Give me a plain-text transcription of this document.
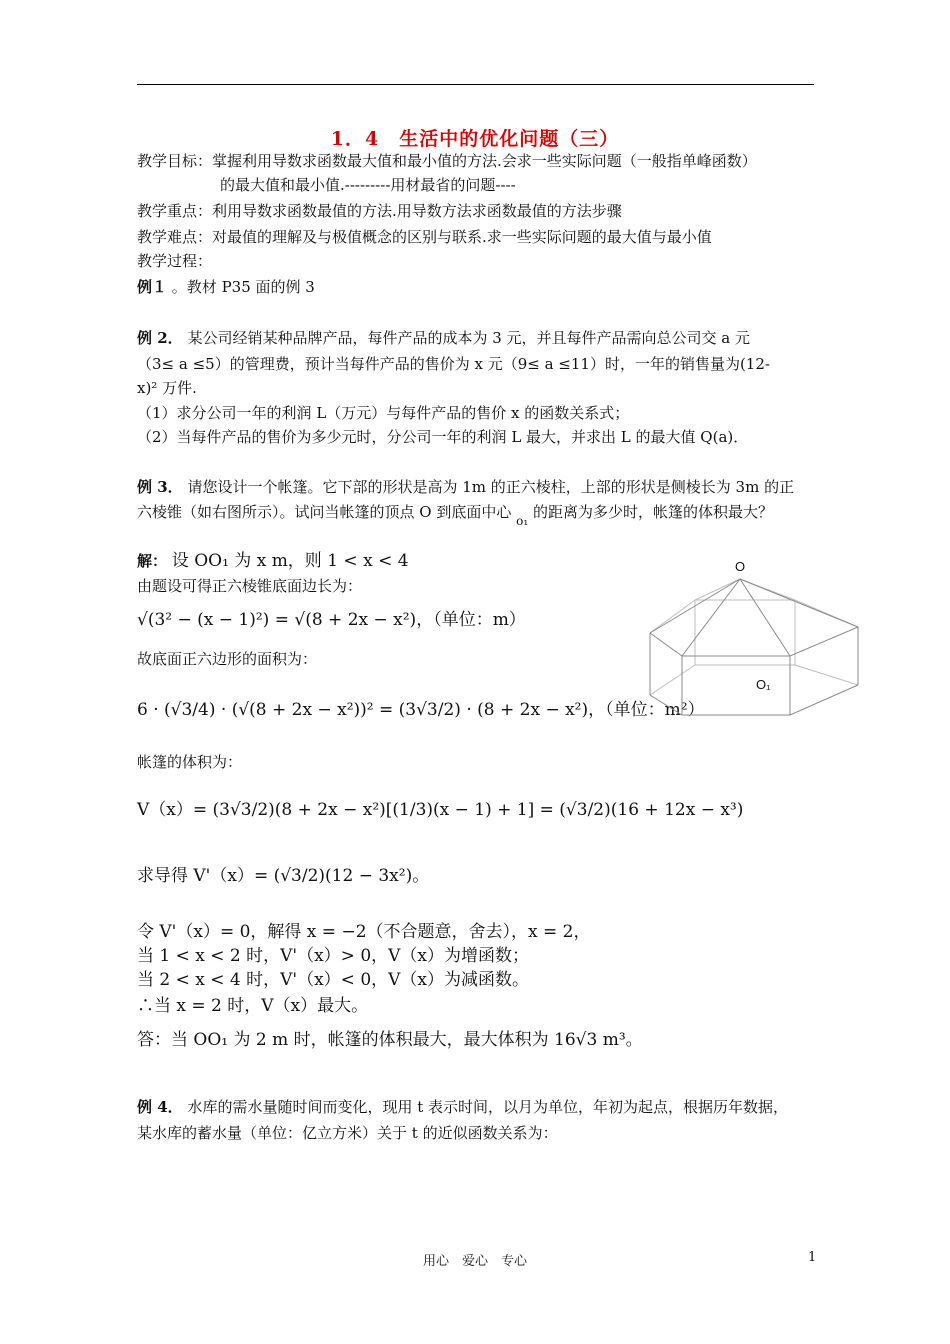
1．4　生活中的优化问题（三）
教学目标：掌握利用导数求函数最大值和最小值的方法.会求一些实际问题（一般指单峰函数）
的最大值和最小值.---------用材最省的问题----
教学重点：利用导数求函数最值的方法.用导数方法求函数最值的方法步骤
教学难点：对最值的理解及与极值概念的区别与联系.求一些实际问题的最大值与最小值
教学过程：
例１ 。教材 P35 面的例 3
例 2． 某公司经销某种品牌产品，每件产品的成本为 3 元，并且每件产品需向总公司交 a 元
（3≤ a ≤5）的管理费，预计当每件产品的售价为 x 元（9≤ a ≤11）时，一年的销售量为(12-
x)² 万件.
（1）求分公司一年的利润 L（万元）与每件产品的售价 x 的函数关系式；
（2）当每件产品的售价为多少元时，分公司一年的利润 L 最大，并求出 L 的最大值 Q(a)．
例 3． 请您设计一个帐篷。它下部的形状是高为 1m 的正六棱柱，上部的形状是侧棱长为 3m 的正
六棱锥（如右图所示）。试问当帐篷的顶点 O 到底面中心 $_{o_1}$ 的距离为多少时，帐篷的体积最大？
解： 设 OO₁ 为 x m，则 1 < x < 4
由题设可得正六棱锥底面边长为：
√(3² − (x − 1)²) = √(8 + 2x − x²)，（单位：m）
故底面正六边形的面积为：
6 · (√3/4) · (√(8 + 2x − x²))² = (3√3/2) · (8 + 2x − x²)，（单位：m²）
帐篷的体积为：
V（x）= (3√3/2)(8 + 2x − x²)[(1/3)(x − 1) + 1] = (√3/2)(16 + 12x − x³)
求导得 V'（x）= (√3/2)(12 − 3x²)。
令 V'（x）= 0，解得 x = −2（不合题意，舍去），x = 2，
当 1 < x < 2 时，V'（x）> 0，V（x）为增函数；
当 2 < x < 4 时，V'（x）< 0，V（x）为减函数。
∴当 x = 2 时，V（x）最大。
答：当 OO₁ 为 2 m 时，帐篷的体积最大，最大体积为 16√3 m³。
例 4． 水库的需水量随时间而变化，现用 t 表示时间，以月为单位，年初为起点，根据历年数据，
某水库的蓄水量（单位：亿立方米）关于 t 的近似函数关系为：
O
O₁
用心　爱心　专心	1
